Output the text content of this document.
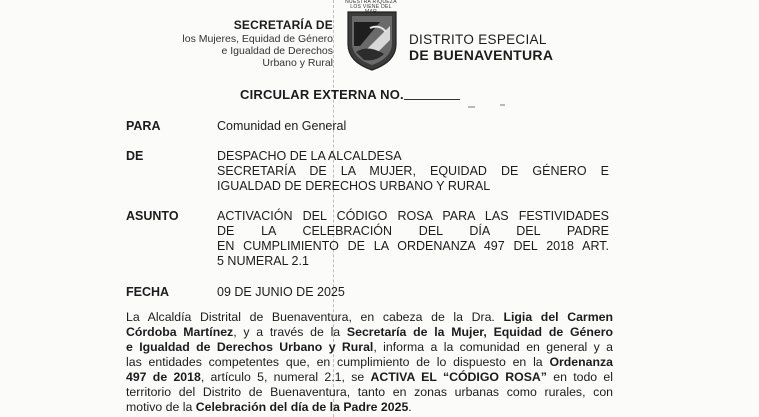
SECRETARÍA DE
los Mujeres, Equidad de Género
e Igualdad de Derechos
Urbano y Rural
NUESTRA RIQUEZA
LOS VIENE DEL
DISTRITO ESPECIAL
DE BUENAVENTURA
CIRCULAR EXTERNA NO.
PARA	Comunidad en General
DE	DESPACHO DE LA ALCALDESA
SECRETARÍA DE LA MUJER, EQUIDAD DE GÉNERO E
IGUALDAD DE DERECHOS URBANO Y RURAL
ASUNTO	ACTIVACIÓN DEL CÓDIGO ROSA PARA LAS FESTIVIDADES
DE LA CELEBRACIÓN DEL DÍA DEL PADRE
EN CUMPLIMIENTO DE LA ORDENANZA 497 DEL 2018 ART.
5 NUMERAL 2.1
FECHA	09 DE JUNIO DE 2025
La Alcaldía Distrital de Buenaventura, en cabeza de la Dra. Ligia del Carmen
Córdoba Martínez, y a través de la Secretaría de la Mujer, Equidad de Género
e Igualdad de Derechos Urbano y Rural, informa a la comunidad en general y a
las entidades competentes que, en cumplimiento de lo dispuesto en la Ordenanza
497 de 2018, artículo 5, numeral 2.1, se ACTIVA EL “CÓDIGO ROSA” en todo el
territorio del Distrito de Buenaventura, tanto en zonas urbanas como rurales, con
motivo de la Celebración del día de la Padre 2025.
